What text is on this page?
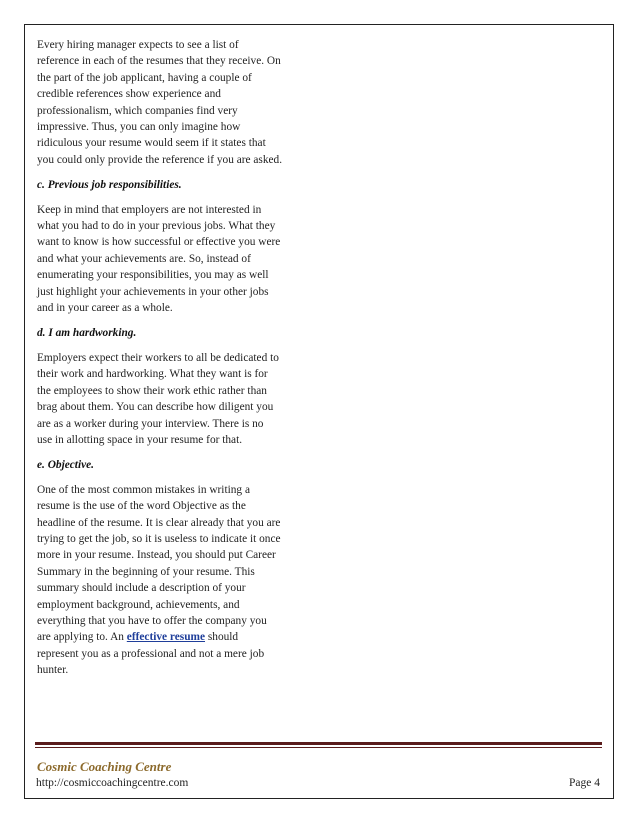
Every hiring manager expects to see a list of
reference in each of the resumes that they receive. On
the part of the job applicant, having a couple of
credible references show experience and
professionalism, which companies find very
impressive. Thus, you can only imagine how
ridiculous your resume would seem if it states that
you could only provide the reference if you are asked.

c. Previous job responsibilities.

Keep in mind that employers are not interested in
what you had to do in your previous jobs. What they
want to know is how successful or effective you were
and what your achievements are. So, instead of
enumerating your responsibilities, you may as well
just highlight your achievements in your other jobs
and in your career as a whole.

d. I am hardworking.

Employers expect their workers to all be dedicated to
their work and hardworking. What they want is for
the employees to show their work ethic rather than
brag about them. You can describe how diligent you
are as a worker during your interview. There is no
use in allotting space in your resume for that.

e. Objective.

One of the most common mistakes in writing a
resume is the use of the word Objective as the
headline of the resume. It is clear already that you are
trying to get the job, so it is useless to indicate it once
more in your resume. Instead, you should put Career
Summary in the beginning of your resume. This
summary should include a description of your
employment background, achievements, and
everything that you have to offer the company you
are applying to. An effective resume should
represent you as a professional and not a mere job
hunter.

Cosmic Coaching Centre
http://cosmiccoachingcentre.com	Page 4
